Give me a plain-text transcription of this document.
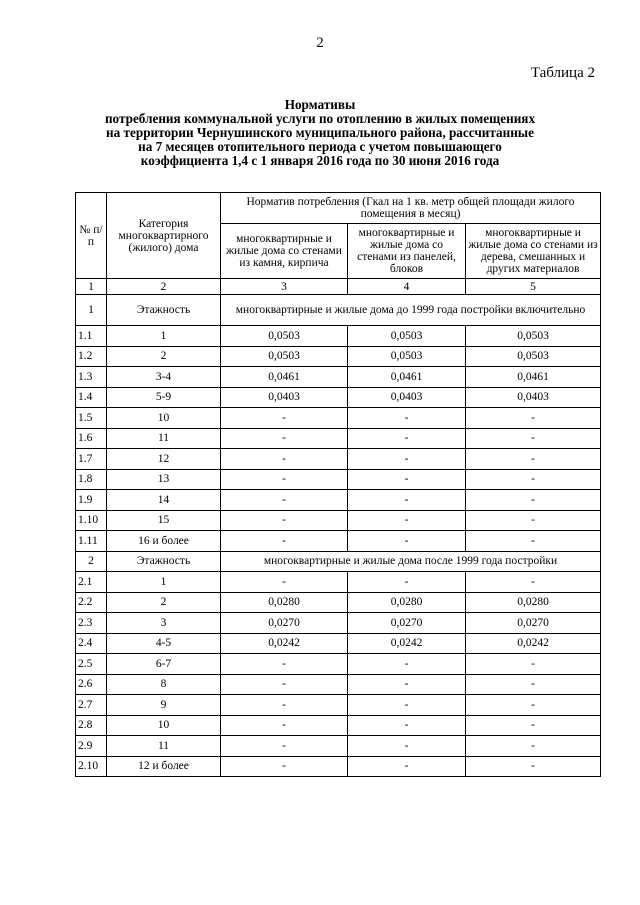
2
Таблица 2
Нормативы
потребления коммунальной услуги по отоплению в жилых помещениях
на территории Чернушинского муниципального района, рассчитанные
на 7 месяцев отопительного периода с учетом повышающего
коэффициента 1,4 с 1 января 2016 года по 30 июня 2016 года
№ п/п	Категория многоквартирного (жилого) дома	Норматив потребления (Гкал на 1 кв. метр общей площади жилого помещения в месяц)		
		многоквартирные и жилые дома со стенами из камня, кирпича	многоквартирные и жилые дома со стенами из панелей, блоков	многоквартирные и жилые дома со стенами из дерева, смешанных и других материалов
1	2	3	4	5
1	Этажность	многоквартирные и жилые дома до 1999 года постройки включительно		
1.1	1	0,0503	0,0503	0,0503
1.2	2	0,0503	0,0503	0,0503
1.3	3-4	0,0461	0,0461	0,0461
1.4	5-9	0,0403	0,0403	0,0403
1.5	10	-	-	-
1.6	11	-	-	-
1.7	12	-	-	-
1.8	13	-	-	-
1.9	14	-	-	-
1.10	15	-	-	-
1.11	16 и более	-	-	-
2	Этажность	многоквартирные и жилые дома после 1999 года постройки		
2.1	1	-	-	-
2.2	2	0,0280	0,0280	0,0280
2.3	3	0,0270	0,0270	0,0270
2.4	4-5	0,0242	0,0242	0,0242
2.5	6-7	-	-	-
2.6	8	-	-	-
2.7	9	-	-	-
2.8	10	-	-	-
2.9	11	-	-	-
2.10	12 и более	-	-	-
